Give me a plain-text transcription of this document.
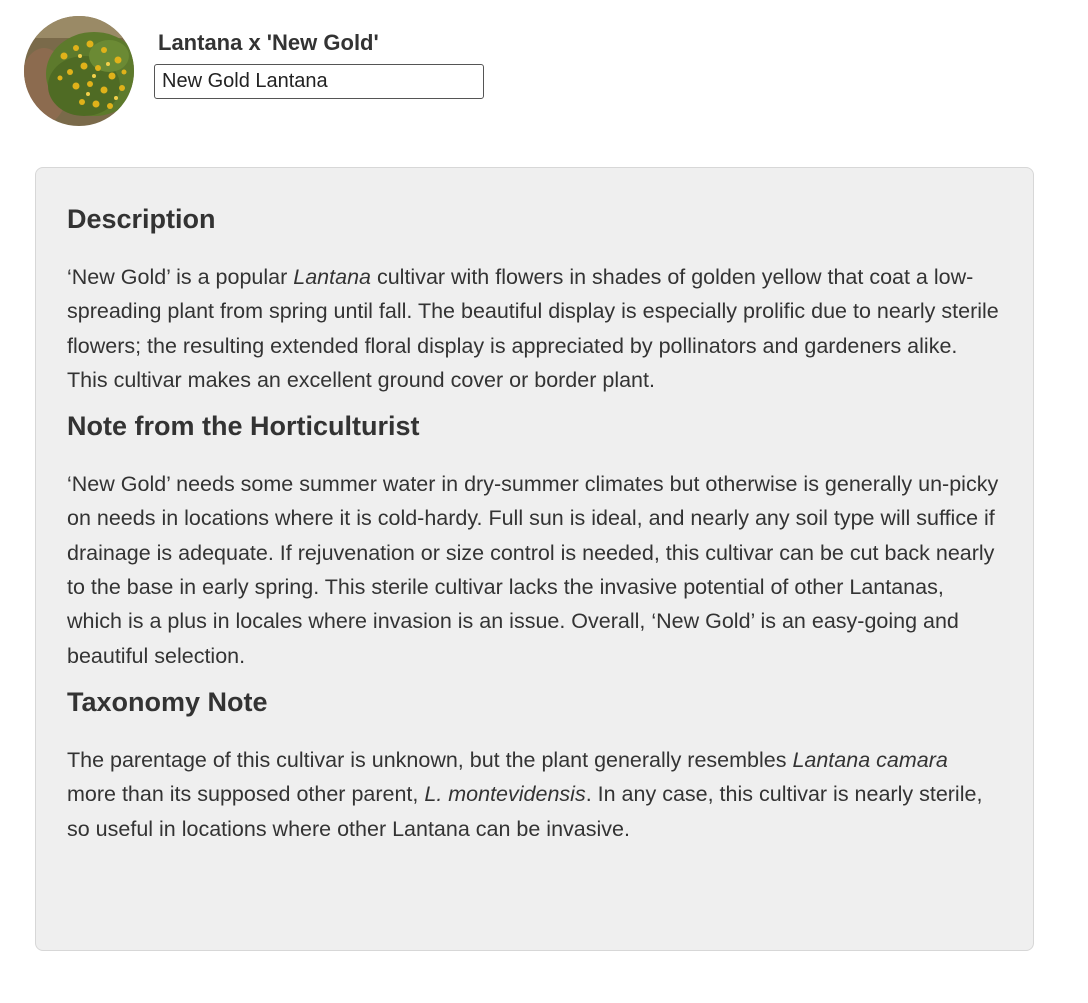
Lantana x 'New Gold'
New Gold Lantana
Description

‘New Gold’ is a popular Lantana cultivar with flowers in shades of golden yellow that coat a low-spreading plant from spring until fall. The beautiful display is especially prolific due to nearly sterile flowers; the resulting extended floral display is appreciated by pollinators and gardeners alike. This cultivar makes an excellent ground cover or border plant.

Note from the Horticulturist

‘New Gold’ needs some summer water in dry-summer climates but otherwise is generally un-picky on needs in locations where it is cold-hardy. Full sun is ideal, and nearly any soil type will suffice if drainage is adequate. If rejuvenation or size control is needed, this cultivar can be cut back nearly to the base in early spring. This sterile cultivar lacks the invasive potential of other Lantanas, which is a plus in locales where invasion is an issue. Overall, ‘New Gold’ is an easy-going and beautiful selection.

Taxonomy Note

The parentage of this cultivar is unknown, but the plant generally resembles Lantana camara more than its supposed other parent, L. montevidensis. In any case, this cultivar is nearly sterile, so useful in locations where other Lantana can be invasive.
